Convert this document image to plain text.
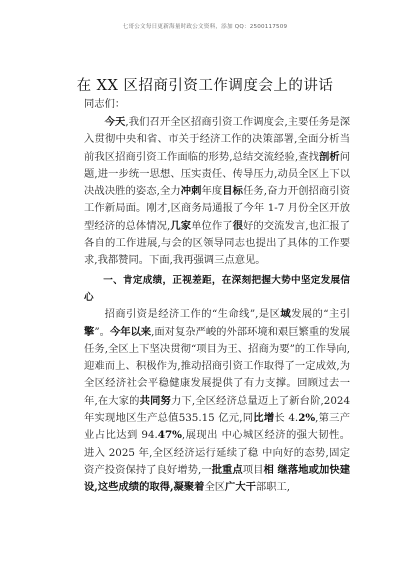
七哥公文每日更新海量时政公文资料，添加 QQ：2500117509
在 XX 区招商引资工作调度会上的讲话
同志们：

今天,我们召开全区招商引资工作调度会,主要任务是深入贯彻中央和省、市关于经济工作的决策部署,全面分析当前我区招商引资工作面临的形势,总结交流经验,查找剖析问题,进一步统一思想、压实责任、传导压力,动员全区上下以决战决胜的姿态,全力冲刺年度目标任务,奋力开创招商引资工作新局面。刚才,区商务局通报了今年 1-7 月份全区开放型经济的总体情况,几家单位作了很好的交流发言,也汇报了各自的工作进展,与会的区领导同志也提出了具体的工作要求,我都赞同。下面,我再强调三点意见。

一、肯定成绩，正视差距，在深刻把握大势中坚定发展信心

招商引资是经济工作的“生命线”,是区域发展的“主引擎”。今年以来,面对复杂严峻的外部环境和艰巨繁重的发展任务,全区上下坚决贯彻“项目为王、招商为要”的工作导向,迎难而上、积极作为,推动招商引资工作取得了一定成效,为全区经济社会平稳健康发展提供了有力支撑。回顾过去一年,在大家的共同努力下,全区经济总量迈上了新台阶,2024 年实现地区生产总值535.15 亿元,同比增长 4.2%,第三产业占比达到 94.47%,展现出 中心城区经济的强大韧性。进入 2025 年,全区经济运行延续了稳 中向好的态势,固定资产投资保持了良好增势,一批重点项目相 继落地或加快建设,这些成绩的取得,凝聚着全区广大干部职工,
